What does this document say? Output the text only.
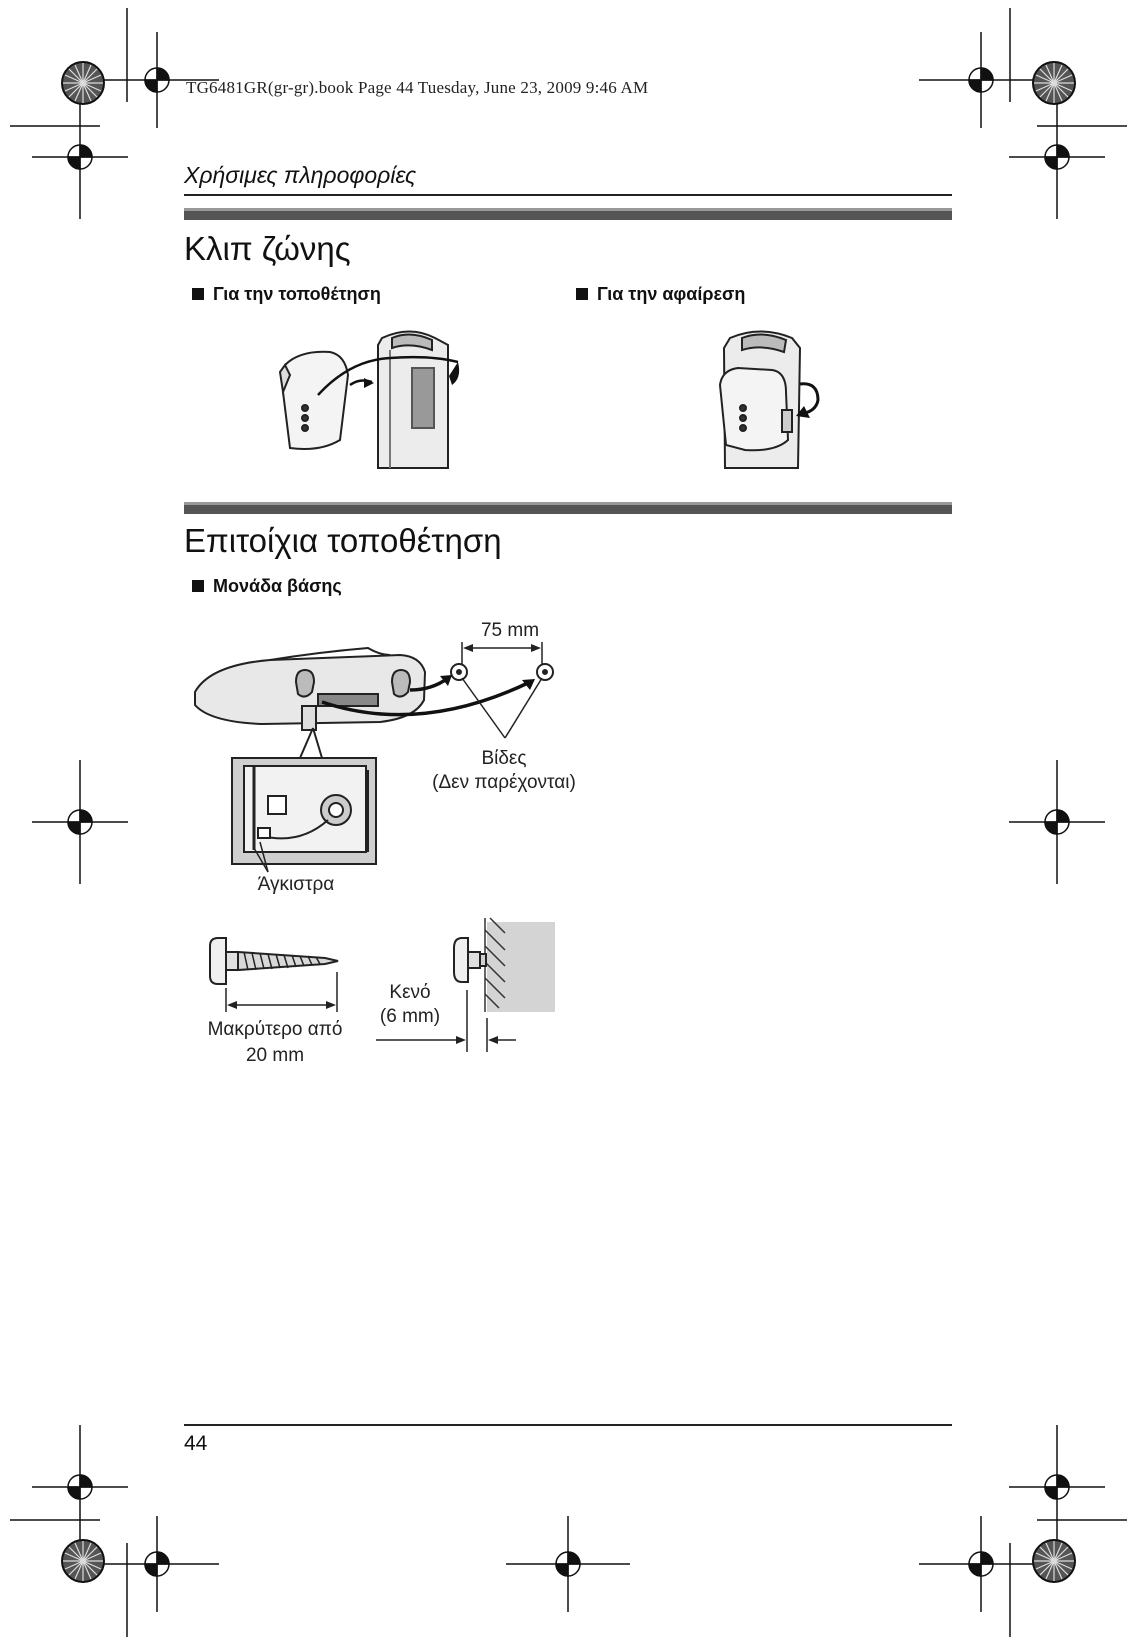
TG6481GR(gr-gr).book Page 44 Tuesday, June 23, 2009 9:46 AM
Χρήσιμες πληροφορίες
Κλιπ ζώνης
Για την τοποθέτηση	Για την αφαίρεση
Επιτοίχια τοποθέτηση
Μονάδα βάσης
75 mm
Βίδες
(Δεν παρέχονται)
Άγκιστρα
Κενό
(6 mm)
Μακρύτερο από
20 mm
44
